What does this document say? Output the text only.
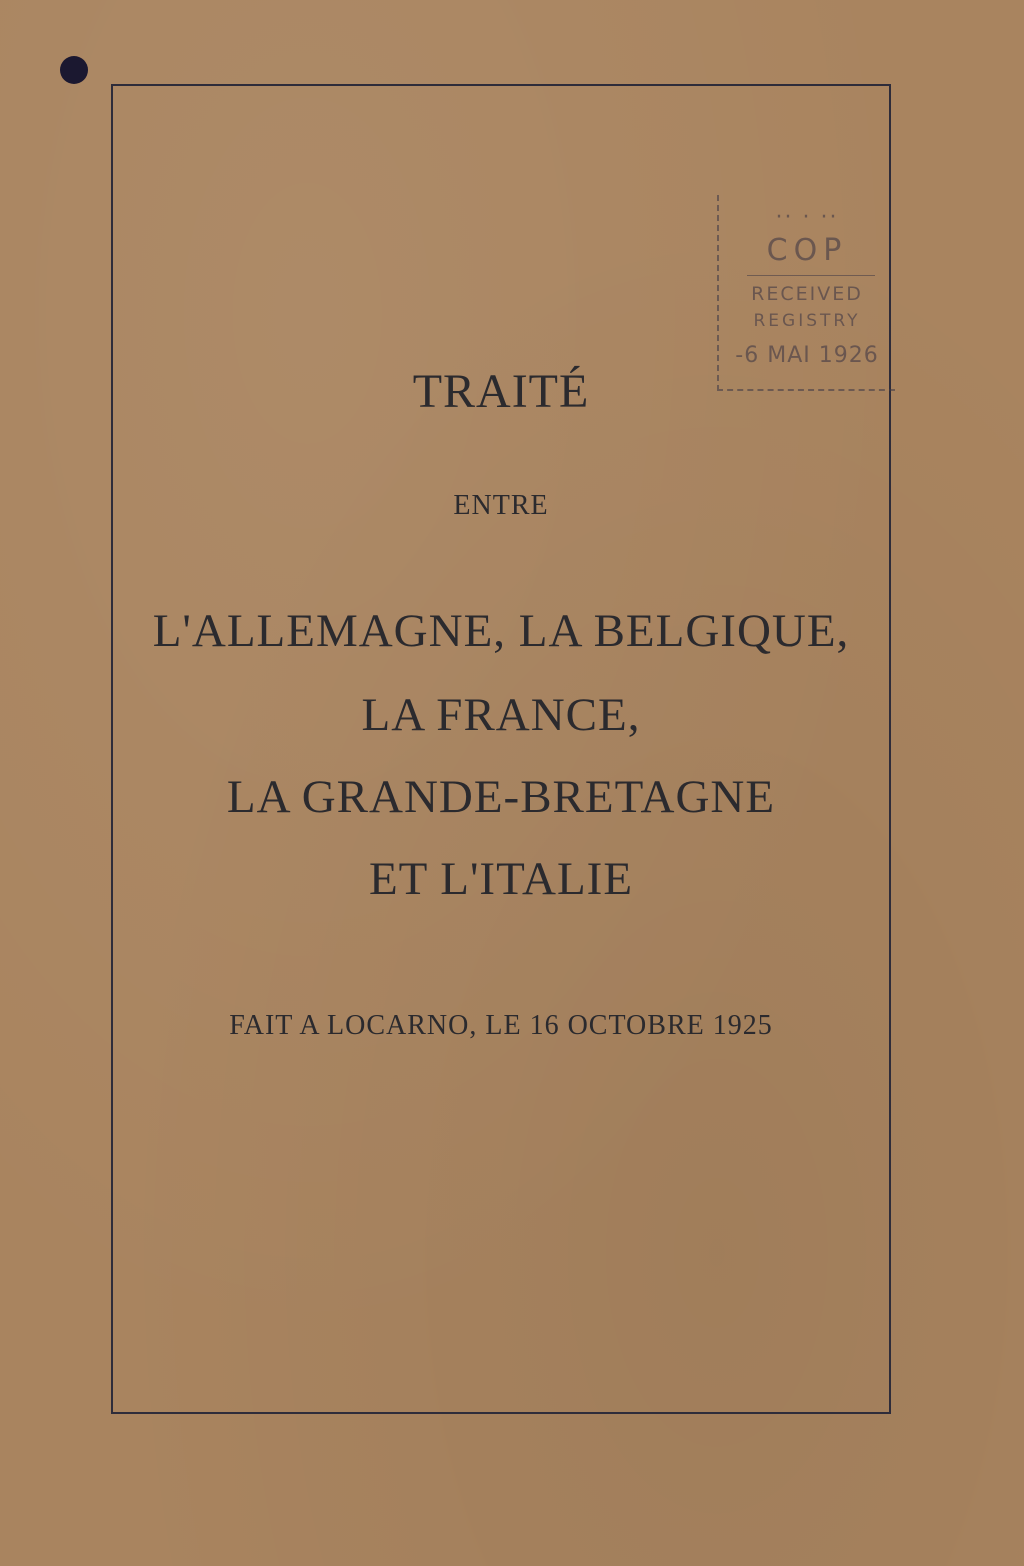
·· · ··
COP
RECEIVED
REGISTRY
-6 MAI 1926
TRAITÉ
ENTRE
L'ALLEMAGNE, LA BELGIQUE,
LA FRANCE,
LA GRANDE-BRETAGNE
ET L'ITALIE
FAIT A LOCARNO, LE 16 OCTOBRE 1925
